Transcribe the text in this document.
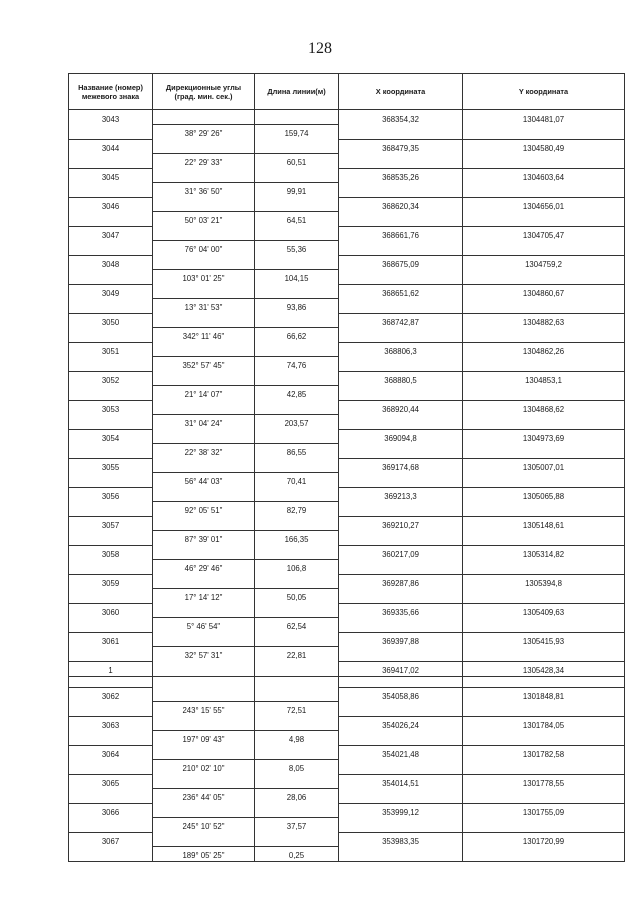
128
Название (номер) межевого знака	Дирекционные углы (град. мин. сек.)	Длина линии(м)	X координата	Y координата
3043			368354,32	1304481,07
	38° 29' 26"	159,74		
3044			368479,35	1304580,49
	22° 29' 33"	60,51		
3045			368535,26	1304603,64
	31° 36' 50"	99,91		
3046			368620,34	1304656,01
	50° 03' 21"	64,51		
3047			368661,76	1304705,47
	76° 04' 00"	55,36		
3048			368675,09	1304759,2
	103° 01' 25"	104,15		
3049			368651,62	1304860,67
	13° 31' 53"	93,86		
3050			368742,87	1304882,63
	342° 11' 46"	66,62		
3051			368806,3	1304862,26
	352° 57' 45"	74,76		
3052			368880,5	1304853,1
	21° 14' 07"	42,85		
3053			368920,44	1304868,62
	31° 04' 24"	203,57		
3054			369094,8	1304973,69
	22° 38' 32"	86,55		
3055			369174,68	1305007,01
	56° 44' 03"	70,41		
3056			369213,3	1305065,88
	92° 05' 51"	82,79		
3057			369210,27	1305148,61
	87° 39' 01"	166,35		
3058			360217,09	1305314,82
	46° 29' 46"	106,8		
3059			369287,86	1305394,8
	17° 14' 12"	50,05		
3060			369335,66	1305409,63
	5° 46' 54"	62,54		
3061			369397,88	1305415,93
	32° 57' 31"	22,81		
1			369417,02	1305428,34

3062			354058,86	1301848,81
	243° 15' 55"	72,51		
3063			354026,24	1301784,05
	197° 09' 43"	4,98		
3064			354021,48	1301782,58
	210° 02' 10"	8,05		
3065			354014,51	1301778,55
	236° 44' 05"	28,06		
3066			353999,12	1301755,09
	245° 10' 52"	37,57		
3067			353983,35	1301720,99
	189° 05' 25"	0,25		
